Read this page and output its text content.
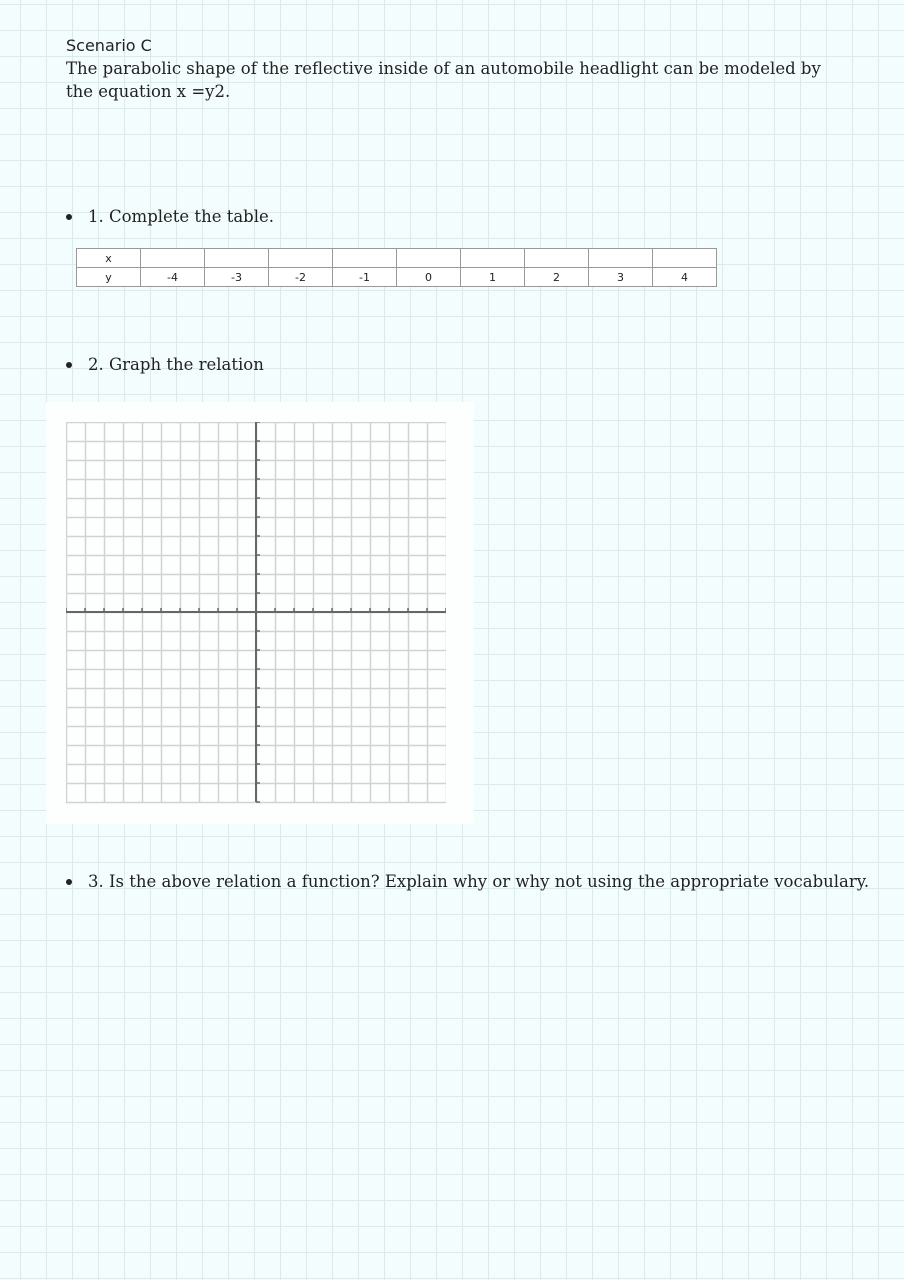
Scenario C
The parabolic shape of the reflective inside of an automobile headlight can be modeled by the equation x =y2.
1. Complete the table.
x									
y	-4	-3	-2	-1	0	1	2	3	4
2. Graph the relation
3. Is the above relation a function? Explain why or why not using the appropriate vocabulary.
